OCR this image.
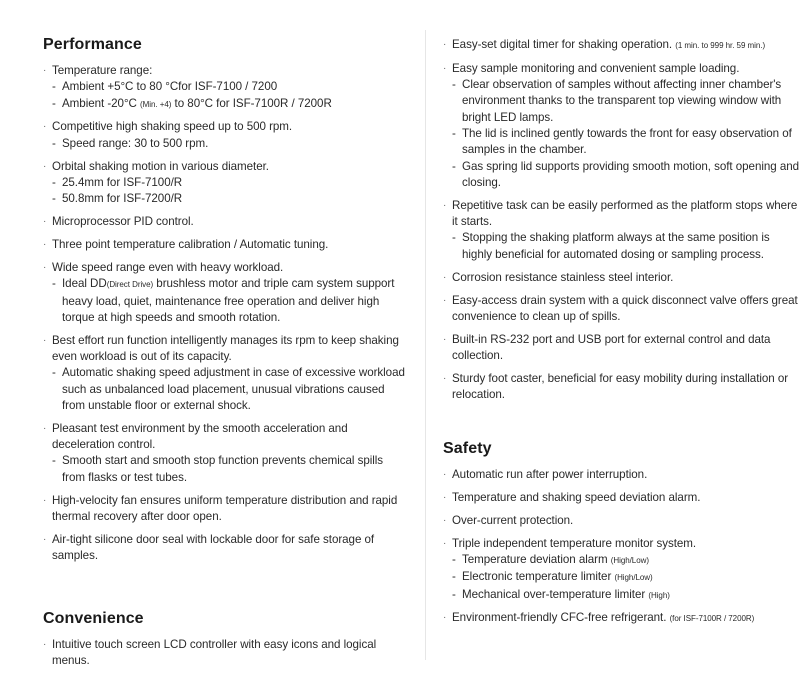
Performance
· Temperature range:
- Ambient +5°C to 80 °Cfor ISF-7100 / 7200
- Ambient -20°C (Min. +4) to 80°C for ISF-7100R / 7200R
· Competitive high shaking speed up to 500 rpm.
- Speed range: 30 to 500 rpm.
· Orbital shaking motion in various diameter.
- 25.4mm for ISF-7100/R
- 50.8mm for ISF-7200/R
· Microprocessor PID control.
· Three point temperature calibration / Automatic tuning.
· Wide speed range even with heavy workload.
- Ideal DD(Direct Drive) brushless motor and triple cam system support heavy load, quiet, maintenance free operation and deliver high torque at high speeds and smooth rotation.
· Best effort run function intelligently manages its rpm to keep shaking even workload is out of its capacity.
- Automatic shaking speed adjustment in case of excessive workload such as unbalanced load placement, unusual vibrations caused from unstable floor or external shock.
· Pleasant test environment by the smooth acceleration and deceleration control.
- Smooth start and smooth stop function prevents chemical spills from flasks or test tubes.
· High-velocity fan ensures uniform temperature distribution and rapid thermal recovery after door open.
· Air-tight silicone door seal with lockable door for safe storage of samples.
Convenience
· Intuitive touch screen LCD controller with easy icons and logical menus.
· Easy-set digital timer for shaking operation. (1 min. to 999 hr. 59 min.)
· Easy sample monitoring and convenient sample loading.
- Clear observation of samples without affecting inner chamber's environment thanks to the transparent top viewing window with bright LED lamps.
- The lid is inclined gently towards the front for easy observation of samples in the chamber.
- Gas spring lid supports providing smooth motion, soft opening and closing.
· Repetitive task can be easily performed as the platform stops where it starts.
- Stopping the shaking platform always at the same position is highly beneficial for automated dosing or sampling process.
· Corrosion resistance stainless steel interior.
· Easy-access drain system with a quick disconnect valve offers great convenience to clean up of spills.
· Built-in RS-232 port and USB port for external control and data collection.
· Sturdy foot caster, beneficial for easy mobility during installation or relocation.
Safety
· Automatic run after power interruption.
· Temperature and shaking speed deviation alarm.
· Over-current protection.
· Triple independent temperature monitor system.
- Temperature deviation alarm (High/Low)
- Electronic temperature limiter (High/Low)
- Mechanical over-temperature limiter (High)
· Environment-friendly CFC-free refrigerant. (for ISF-7100R / 7200R)
